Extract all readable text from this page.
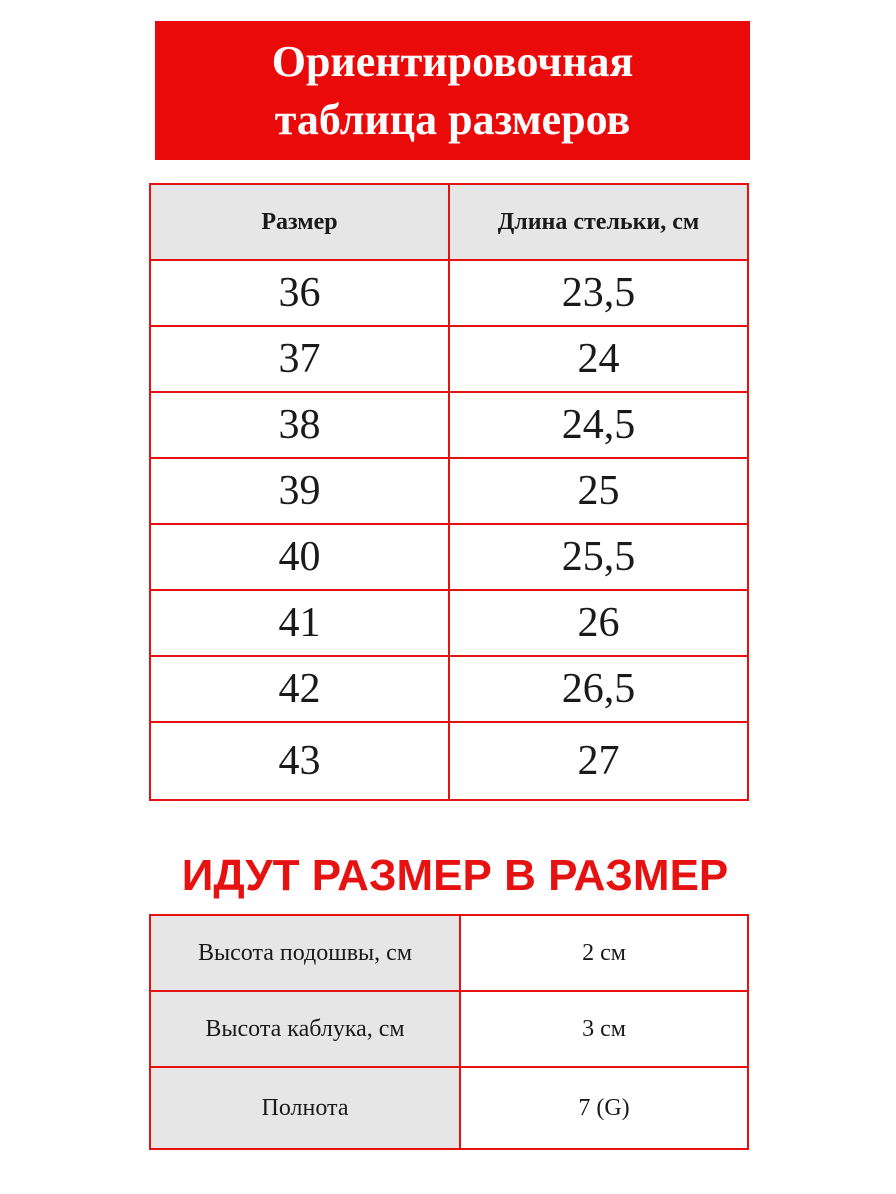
Ориентировочная
таблица размеров
Размер	Длина стельки, см
36	23,5
37	24
38	24,5
39	25
40	25,5
41	26
42	26,5
43	27
ИДУТ РАЗМЕР В РАЗМЕР
Высота подошвы, см	2 см
Высота каблука, см	3 см
Полнота	7 (G)
